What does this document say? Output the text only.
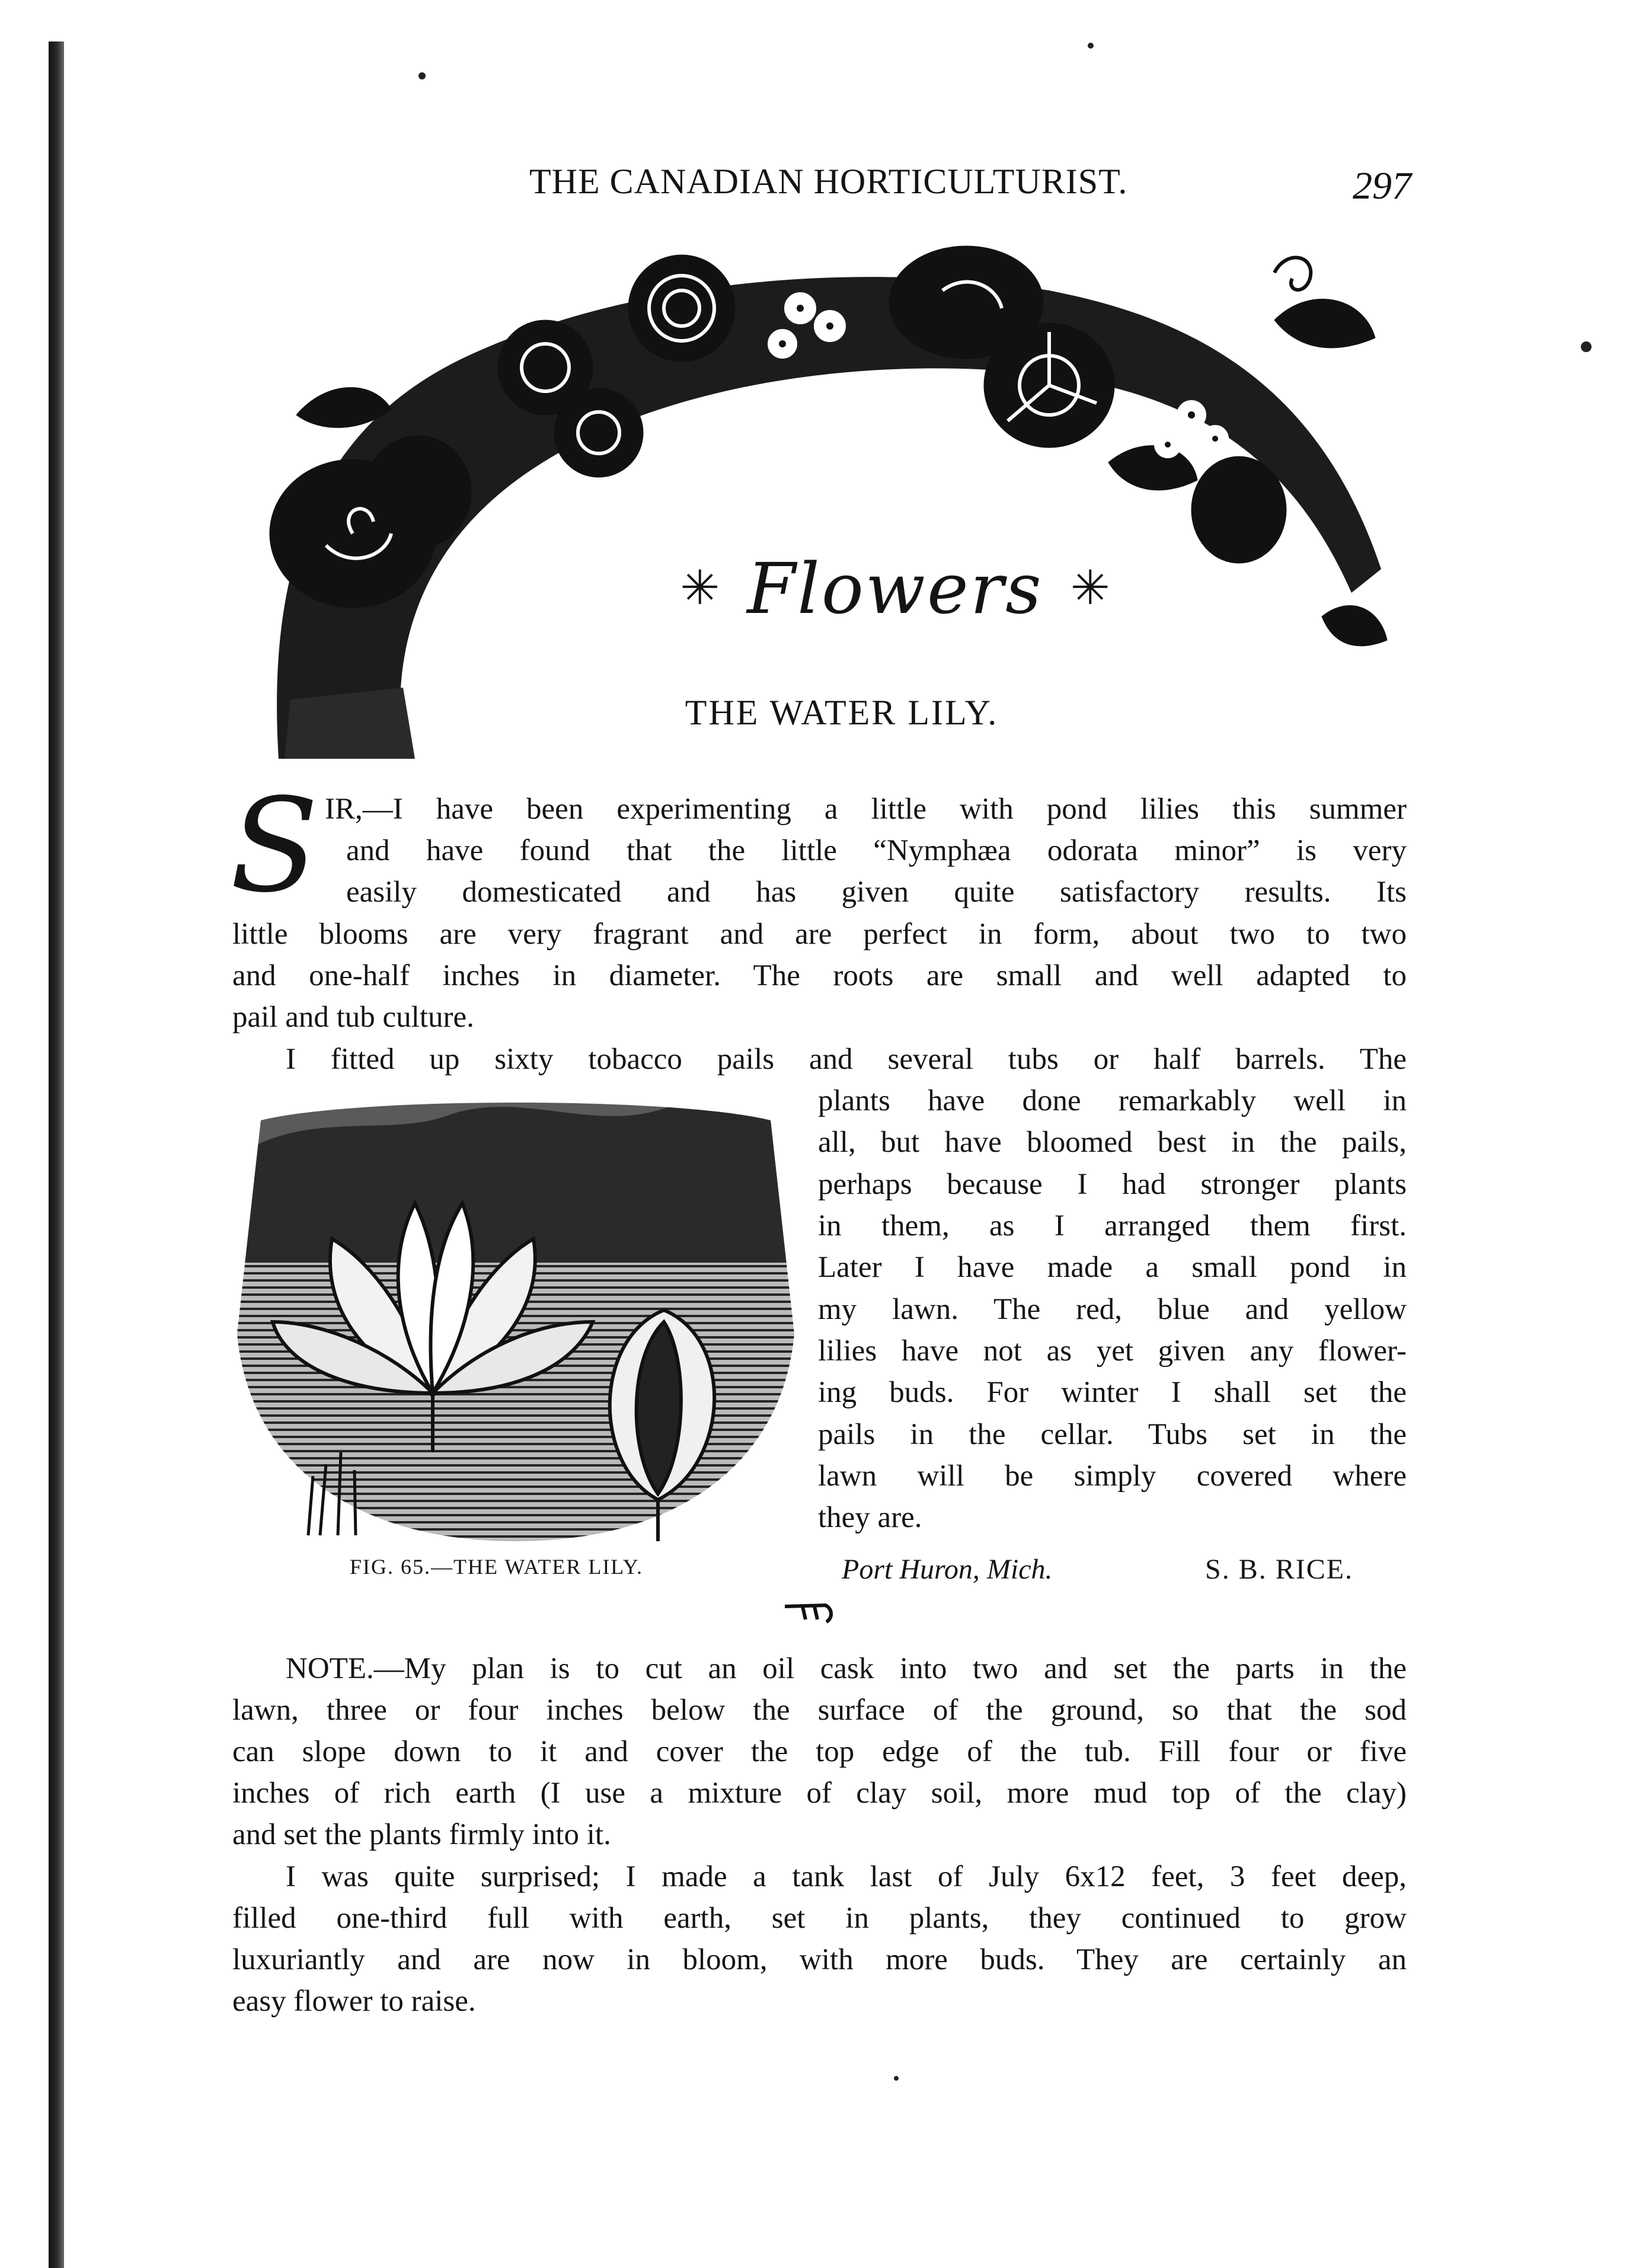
THE CANADIAN HORTICULTURIST.	297
✳ Flowers ✳
THE WATER LILY.
S IR,—I have been experimenting a little with pond lilies this summer
and have found that the little “Nymphæa odorata minor” is very
easily domesticated and has given quite satisfactory results. Its
little blooms are very fragrant and are perfect in form, about two to two
and one-half inches in diameter. The roots are small and well adapted to
pail and tub culture.
I fitted up sixty tobacco pails and several tubs or half barrels. The
plants have done remarkably well in
all, but have bloomed best in the pails,
perhaps because I had stronger plants
in them, as I arranged them first.
Later I have made a small pond in
my lawn. The red, blue and yellow
lilies have not as yet given any flower-
ing buds. For winter I shall set the
pails in the cellar. Tubs set in the
lawn will be simply covered where
they are.
FIG. 65.—THE WATER LILY.	Port Huron, Mich.	S. B. RICE.
NOTE.—My plan is to cut an oil cask into two and set the parts in the
lawn, three or four inches below the surface of the ground, so that the sod
can slope down to it and cover the top edge of the tub. Fill four or five
inches of rich earth (I use a mixture of clay soil, more mud top of the clay)
and set the plants firmly into it.
I was quite surprised; I made a tank last of July 6x12 feet, 3 feet deep,
filled one-third full with earth, set in plants, they continued to grow
luxuriantly and are now in bloom, with more buds. They are certainly an
easy flower to raise.
